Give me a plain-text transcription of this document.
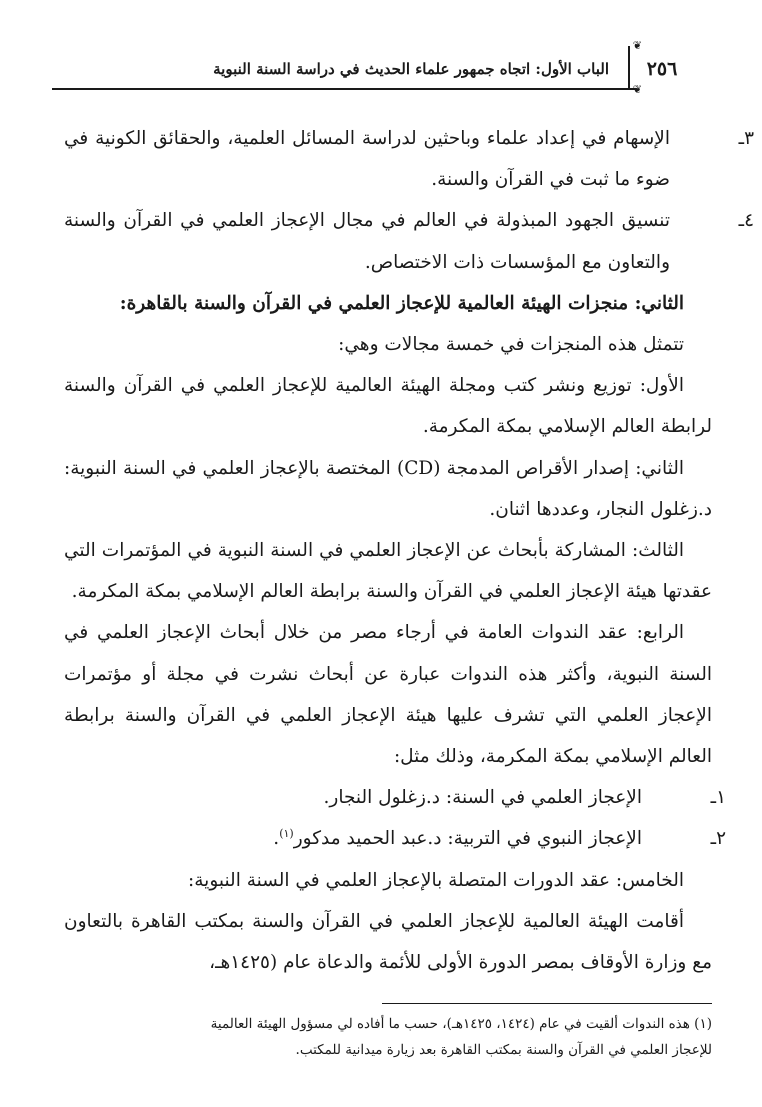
الباب الأول: اتجاه جمهور علماء الحديث في دراسة السنة النبوية
❦
٢٥٦
❦

٣ـالإسهام في إعداد علماء وباحثين لدراسة المسائل العلمية، والحقائق الكونية في ضوء ما ثبت في القرآن والسنة.

٤ـتنسيق الجهود المبذولة في العالم في مجال الإعجاز العلمي في القرآن والسنة والتعاون مع المؤسسات ذات الاختصاص.

الثاني: منجزات الهيئة العالمية للإعجاز العلمي في القرآن والسنة بالقاهرة:

تتمثل هذه المنجزات في خمسة مجالات وهي:

الأول: توزيع ونشر كتب ومجلة الهيئة العالمية للإعجاز العلمي في القرآن والسنة لرابطة العالم الإسلامي بمكة المكرمة.

الثاني: إصدار الأقراص المدمجة (CD) المختصة بالإعجاز العلمي في السنة النبوية: د.زغلول النجار، وعددها اثنان.

الثالث: المشاركة بأبحاث عن الإعجاز العلمي في السنة النبوية في المؤتمرات التي عقدتها هيئة الإعجاز العلمي في القرآن والسنة برابطة العالم الإسلامي بمكة المكرمة.

الرابع: عقد الندوات العامة في أرجاء مصر من خلال أبحاث الإعجاز العلمي في السنة النبوية، وأكثر هذه الندوات عبارة عن أبحاث نشرت في مجلة أو مؤتمرات الإعجاز العلمي التي تشرف عليها هيئة الإعجاز العلمي في القرآن والسنة برابطة العالم الإسلامي بمكة المكرمة، وذلك مثل:

١ـالإعجاز العلمي في السنة: د.زغلول النجار.

٢ـالإعجاز النبوي في التربية: د.عبد الحميد مدكور$^{(١)}$.

الخامس: عقد الدورات المتصلة بالإعجاز العلمي في السنة النبوية:

أقامت الهيئة العالمية للإعجاز العلمي في القرآن والسنة بمكتب القاهرة بالتعاون مع وزارة الأوقاف بمصر الدورة الأولى للأئمة والدعاة عام (١٤٢٥هـ،

(١) هذه الندوات ألقيت في عام (١٤٢٤، ١٤٢٥هـ)، حسب ما أفاده لي مسؤول الهيئة العالمية

للإعجاز العلمي في القرآن والسنة بمكتب القاهرة بعد زيارة ميدانية للمكتب.
